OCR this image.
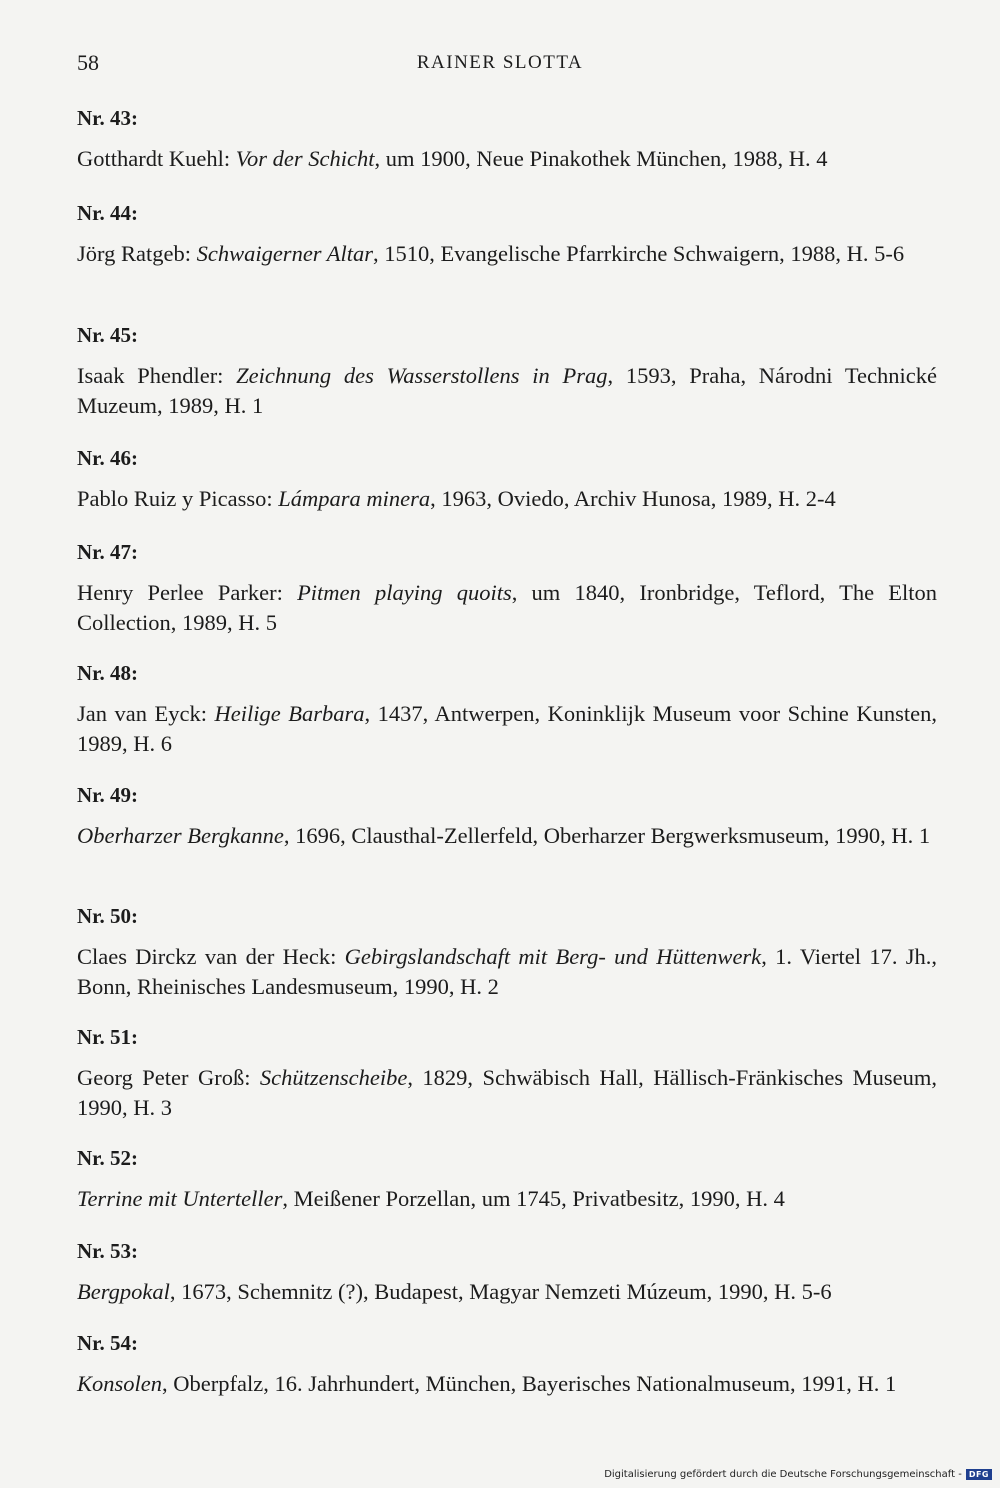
58	RAINER SLOTTA
Nr. 43:
Gotthardt Kuehl: Vor der Schicht, um 1900, Neue Pinakothek München, 1988, H. 4
Nr. 44:
Jörg Ratgeb: Schwaigerner Altar, 1510, Evangelische Pfarrkirche Schwaigern, 1988, H. 5-6
Nr. 45:
Isaak Phendler: Zeichnung des Wasserstollens in Prag, 1593, Praha, Národni Technické Muzeum, 1989, H. 1
Nr. 46:
Pablo Ruiz y Picasso: Lámpara minera, 1963, Oviedo, Archiv Hunosa, 1989, H. 2-4
Nr. 47:
Henry Perlee Parker: Pitmen playing quoits, um 1840, Ironbridge, Teflord, The Elton Collection, 1989, H. 5
Nr. 48:
Jan van Eyck: Heilige Barbara, 1437, Antwerpen, Koninklijk Museum voor Schine Kunsten, 1989, H. 6
Nr. 49:
Oberharzer Bergkanne, 1696, Clausthal-Zellerfeld, Oberharzer Bergwerksmuseum, 1990, H. 1
Nr. 50:
Claes Dirckz van der Heck: Gebirgslandschaft mit Berg- und Hüttenwerk, 1. Viertel 17. Jh., Bonn, Rheinisches Landesmuseum, 1990, H. 2
Nr. 51:
Georg Peter Groß: Schützenscheibe, 1829, Schwäbisch Hall, Hällisch-Fränkisches Museum, 1990, H. 3
Nr. 52:
Terrine mit Unterteller, Meißener Porzellan, um 1745, Privatbesitz, 1990, H. 4
Nr. 53:
Bergpokal, 1673, Schemnitz (?), Budapest, Magyar Nemzeti Múzeum, 1990, H. 5-6
Nr. 54:
Konsolen, Oberpfalz, 16. Jahrhundert, München, Bayerisches Nationalmuseum, 1991, H. 1
Digitalisierung gefördert durch die Deutsche Forschungsgemeinschaft - DFG
